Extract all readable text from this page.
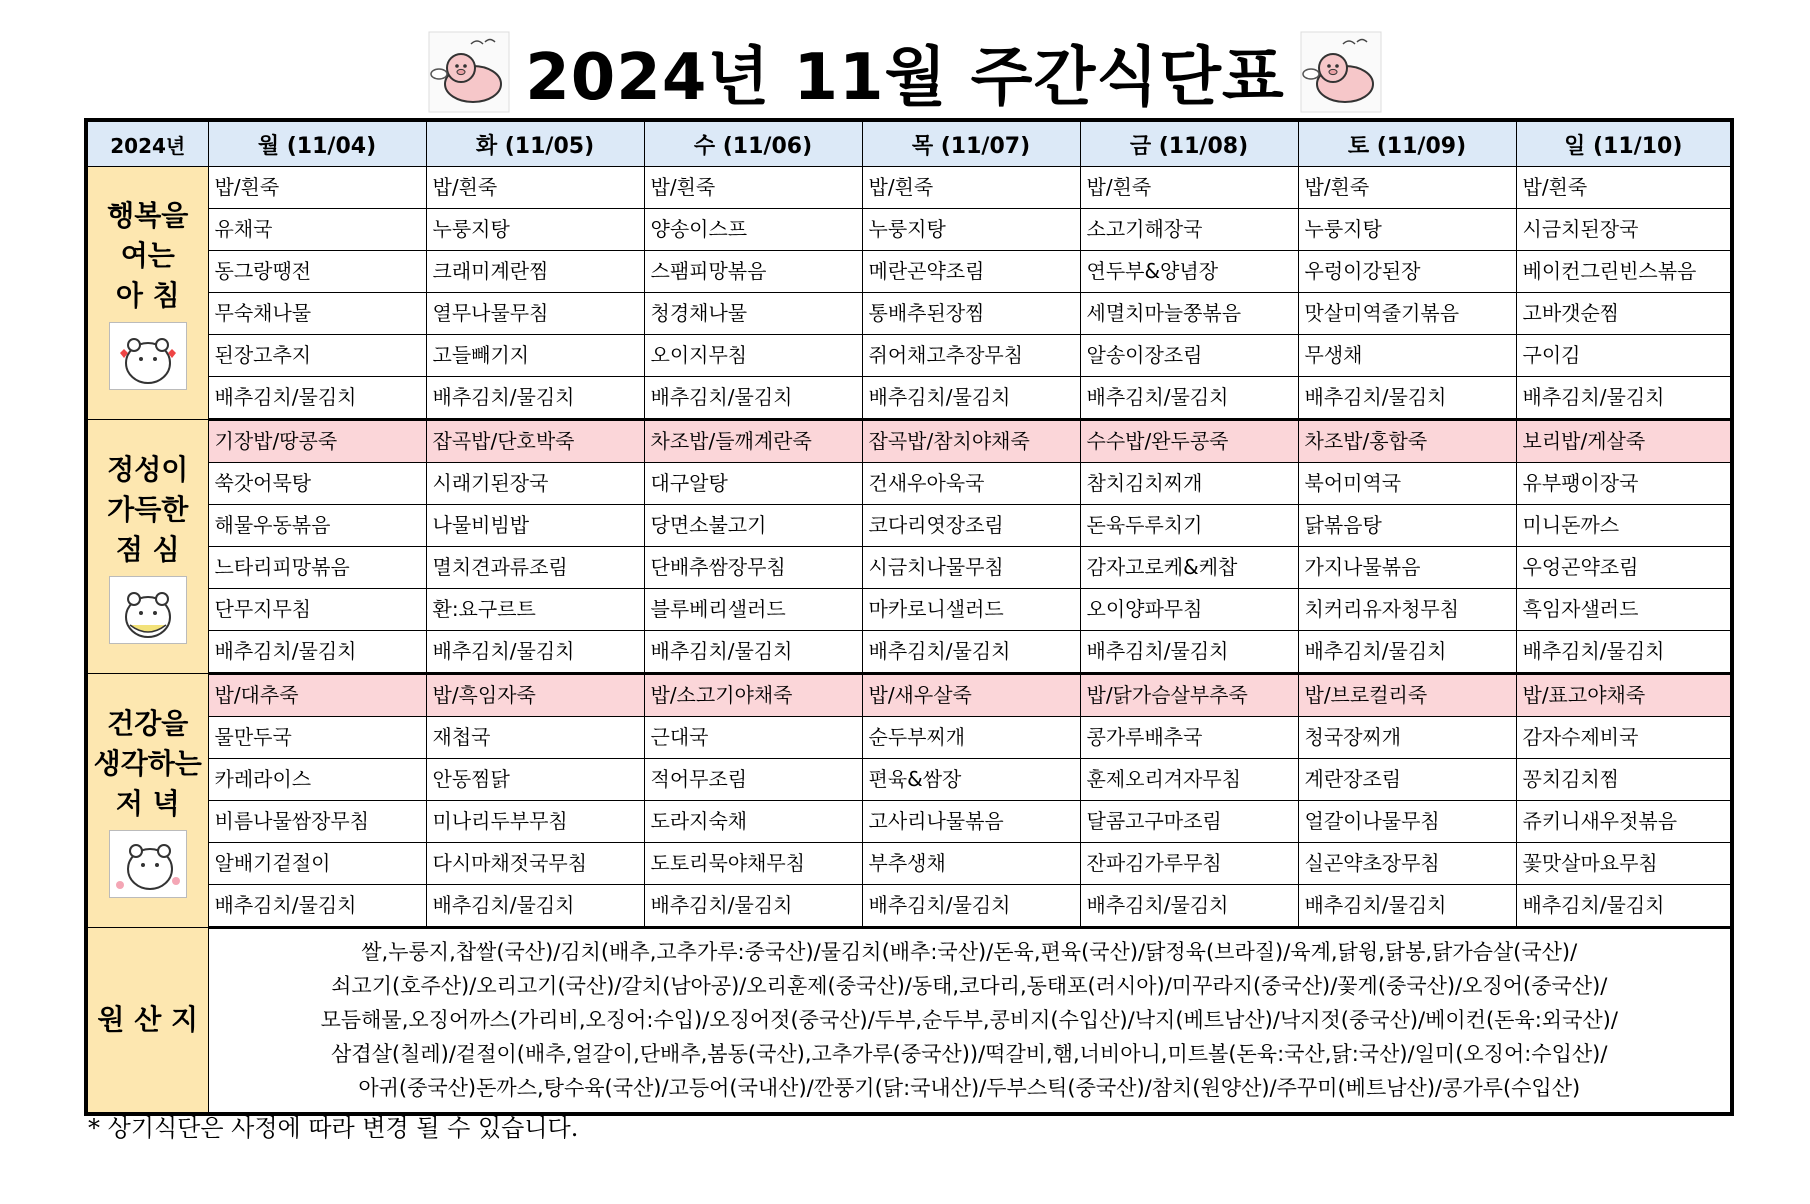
2024년 11월 주간식단표
2024년	월 (11/04)	화 (11/05)	수 (11/06)	목 (11/07)	금 (11/08)	토 (11/09)	일 (11/10)

행복을
여는
아 침	밥/흰죽	밥/흰죽	밥/흰죽	밥/흰죽	밥/흰죽	밥/흰죽	밥/흰죽

	유채국	누룽지탕	양송이스프	누룽지탕	소고기해장국	누룽지탕	시금치된장국

	동그랑땡전	크래미계란찜	스팸피망볶음	메란곤약조림	연두부&양념장	우렁이강된장	베이컨그린빈스볶음

	무숙채나물	열무나물무침	청경채나물	통배추된장찜	세멸치마늘쫑볶음	맛살미역줄기볶음	고바갯순찜

	된장고추지	고들빼기지	오이지무침	쥐어채고추장무침	알송이장조림	무생채	구이김

	배추김치/물김치	배추김치/물김치	배추김치/물김치	배추김치/물김치	배추김치/물김치	배추김치/물김치	배추김치/물김치

정성이
가득한
점 심	기장밥/땅콩죽	잡곡밥/단호박죽	차조밥/들깨계란죽	잡곡밥/참치야채죽	수수밥/완두콩죽	차조밥/홍합죽	보리밥/게살죽

	쑥갓어묵탕	시래기된장국	대구알탕	건새우아욱국	참치김치찌개	북어미역국	유부팽이장국

	해물우동볶음	나물비빔밥	당면소불고기	코다리엿장조림	돈육두루치기	닭볶음탕	미니돈까스

	느타리피망볶음	멸치견과류조림	단배추쌈장무침	시금치나물무침	감자고로케&케찹	가지나물볶음	우엉곤약조림

	단무지무침	환:요구르트	블루베리샐러드	마카로니샐러드	오이양파무침	치커리유자청무침	흑임자샐러드

	배추김치/물김치	배추김치/물김치	배추김치/물김치	배추김치/물김치	배추김치/물김치	배추김치/물김치	배추김치/물김치

건강을
생각하는
저 녁	밥/대추죽	밥/흑임자죽	밥/소고기야채죽	밥/새우살죽	밥/닭가슴살부추죽	밥/브로컬리죽	밥/표고야채죽

	물만두국	재첩국	근대국	순두부찌개	콩가루배추국	청국장찌개	감자수제비국

	카레라이스	안동찜닭	적어무조림	편육&쌈장	훈제오리겨자무침	계란장조림	꽁치김치찜

	비름나물쌈장무침	미나리두부무침	도라지숙채	고사리나물볶음	달콤고구마조림	얼갈이나물무침	쥬키니새우젓볶음

	알배기겉절이	다시마채젓국무침	도토리묵야채무침	부추생채	잔파김가루무침	실곤약초장무침	꽃맛살마요무침

	배추김치/물김치	배추김치/물김치	배추김치/물김치	배추김치/물김치	배추김치/물김치	배추김치/물김치	배추김치/물김치

원 산 지	쌀,누룽지,찹쌀(국산)/김치(배추,고추가루:중국산)/물김치(배추:국산)/돈육,편육(국산)/닭정육(브라질)/육계,닭윙,닭봉,닭가슴살(국산)/
쇠고기(호주산)/오리고기(국산)/갈치(남아공)/오리훈제(중국산)/동태,코다리,동태포(러시아)/미꾸라지(중국산)/꽃게(중국산)/오징어(중국산)/
모듬해물,오징어까스(가리비,오징어:수입)/오징어젓(중국산)/두부,순두부,콩비지(수입산)/낙지(베트남산)/낙지젓(중국산)/베이컨(돈육:외국산)/
삼겹살(칠레)/겉절이(배추,얼갈이,단배추,봄동(국산),고추가루(중국산))/떡갈비,햄,너비아니,미트볼(돈육:국산,닭:국산)/일미(오징어:수입산)/
아귀(중국산)돈까스,탕수육(국산)/고등어(국내산)/깐풍기(닭:국내산)/두부스틱(중국산)/참치(원양산)/주꾸미(베트남산)/콩가루(수입산)						
* 상기식단은 사정에 따라 변경 될 수 있습니다.
